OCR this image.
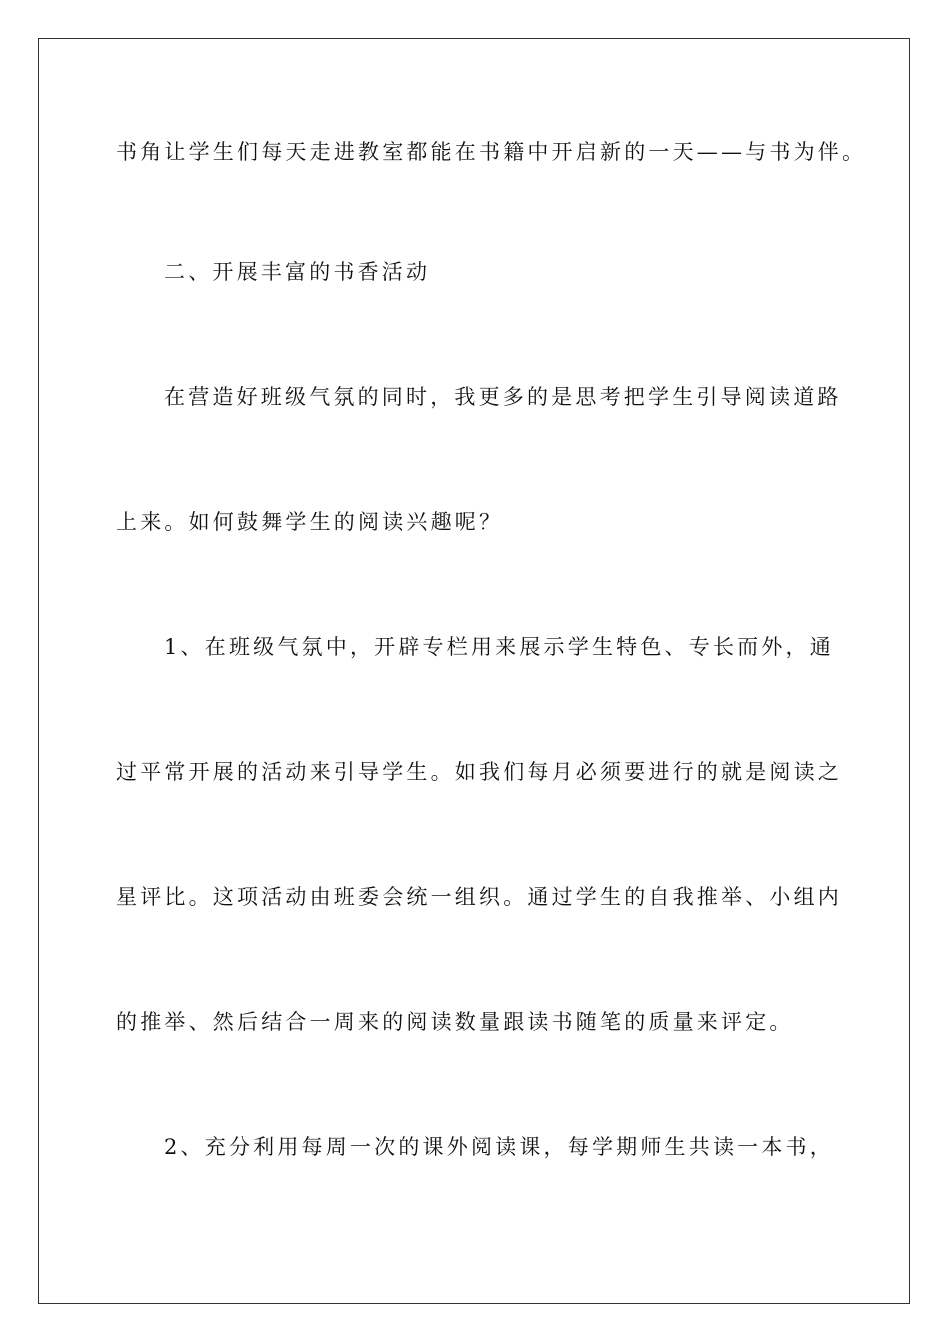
书角让学生们每天走进教室都能在书籍中开启新的一天——与书为伴。
二、开展丰富的书香活动
在营造好班级气氛的同时，我更多的是思考把学生引导阅读道路
上来。如何鼓舞学生的阅读兴趣呢？
1、在班级气氛中，开辟专栏用来展示学生特色、专长而外，通
过平常开展的活动来引导学生。如我们每月必须要进行的就是阅读之
星评比。这项活动由班委会统一组织。通过学生的自我推举、小组内
的推举、然后结合一周来的阅读数量跟读书随笔的质量来评定。
2、充分利用每周一次的课外阅读课，每学期师生共读一本书，
